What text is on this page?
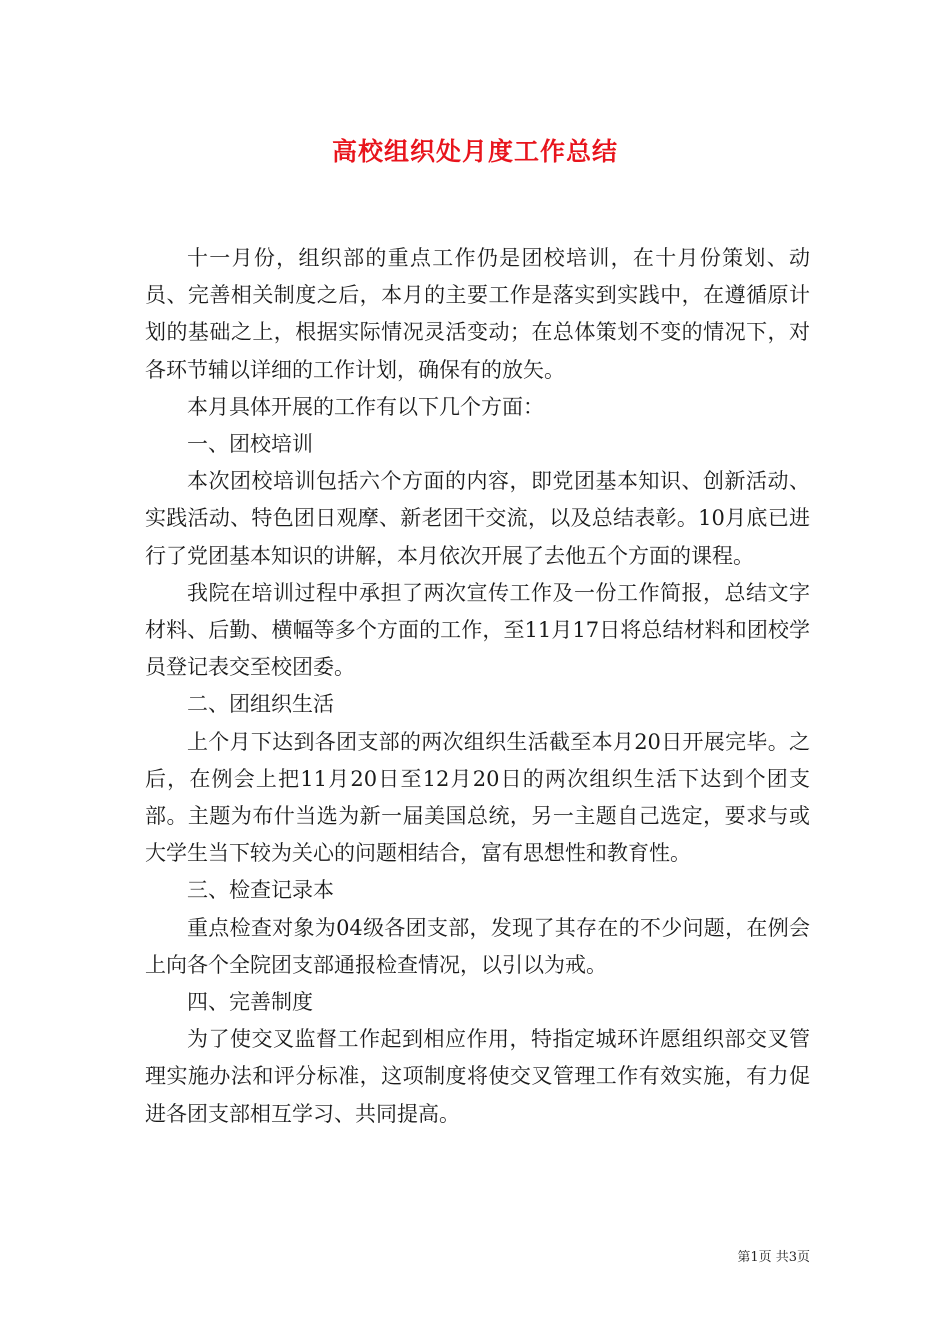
高校组织处月度工作总结

十一月份，组织部的重点工作仍是团校培训，在十月份策划、动员、完善相关制度之后，本月的主要工作是落实到实践中，在遵循原计划的基础之上，根据实际情况灵活变动；在总体策划不变的情况下，对各环节辅以详细的工作计划，确保有的放矢。

本月具体开展的工作有以下几个方面：

一、团校培训

本次团校培训包括六个方面的内容，即党团基本知识、创新活动、实践活动、特色团日观摩、新老团干交流，以及总结表彰。10月底已进行了党团基本知识的讲解，本月依次开展了去他五个方面的课程。

我院在培训过程中承担了两次宣传工作及一份工作简报，总结文字材料、后勤、横幅等多个方面的工作，至11月17日将总结材料和团校学员登记表交至校团委。

二、团组织生活

上个月下达到各团支部的两次组织生活截至本月20日开展完毕。之后，在例会上把11月20日至12月20日的两次组织生活下达到个团支部。主题为布什当选为新一届美国总统，另一主题自己选定，要求与或大学生当下较为关心的问题相结合，富有思想性和教育性。

三、检查记录本

重点检查对象为04级各团支部，发现了其存在的不少问题，在例会上向各个全院团支部通报检查情况，以引以为戒。

四、完善制度

为了使交叉监督工作起到相应作用，特指定城环许愿组织部交叉管理实施办法和评分标准，这项制度将使交叉管理工作有效实施，有力促进各团支部相互学习、共同提高。

第1页 共3页
